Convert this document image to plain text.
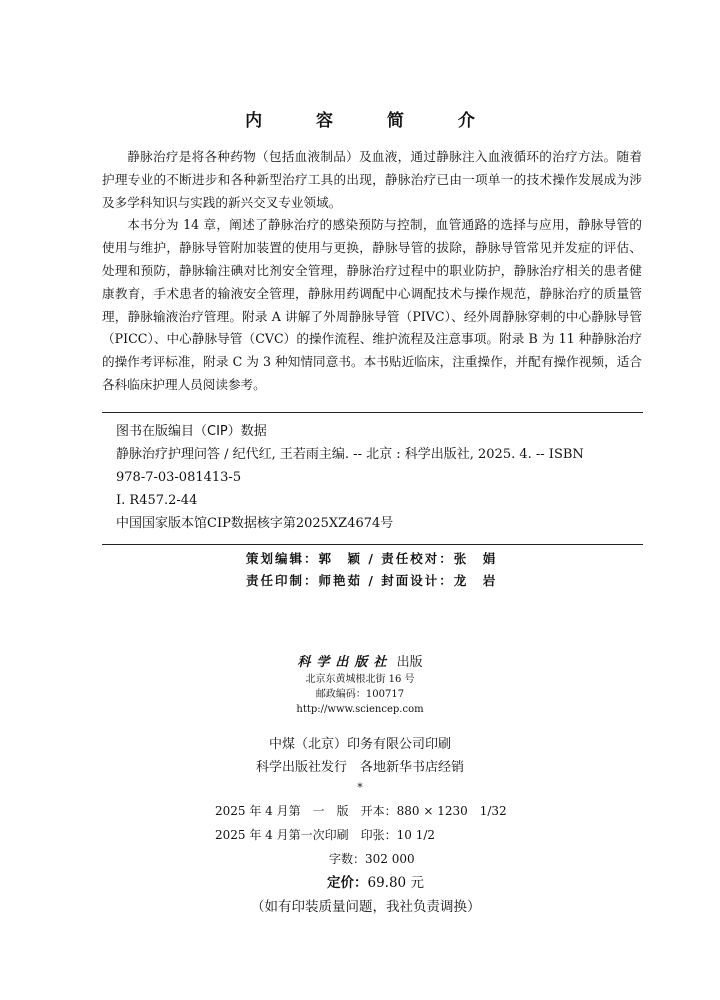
内 容 简 介

静脉治疗是将各种药物（包括血液制品）及血液，通过静脉注入血液循环的治疗方法。随着护理专业的不断进步和各种新型治疗工具的出现，静脉治疗已由一项单一的技术操作发展成为涉及多学科知识与实践的新兴交叉专业领域。

本书分为 14 章，阐述了静脉治疗的感染预防与控制，血管通路的选择与应用，静脉导管的使用与维护，静脉导管附加装置的使用与更换，静脉导管的拔除，静脉导管常见并发症的评估、处理和预防，静脉输注碘对比剂安全管理，静脉治疗过程中的职业防护，静脉治疗相关的患者健康教育，手术患者的输液安全管理，静脉用药调配中心调配技术与操作规范，静脉治疗的质量管理，静脉输液治疗管理。附录 A 讲解了外周静脉导管（PIVC）、经外周静脉穿刺的中心静脉导管（PICC）、中心静脉导管（CVC）的操作流程、维护流程及注意事项。附录 B 为 11 种静脉治疗的操作考评标准，附录 C 为 3 种知情同意书。本书贴近临床，注重操作，并配有操作视频，适合各科临床护理人员阅读参考。

图书在版编目（CIP）数据
静脉治疗护理问答 / 纪代红, 王若雨主编. -- 北京 : 科学出版社, 2025. 4. -- ISBN
978-7-03-081413-5
Ⅰ. R457.2-44
中国国家版本馆CIP数据核字第2025XZ4674号
策划编辑：郭　颖 / 责任校对：张　娟
责任印制：师艳茹 / 封面设计：龙　岩
科学出版社 出版
北京东黄城根北街 16 号
邮政编码：100717
http://www.sciencep.com
中煤（北京）印务有限公司印刷
科学出版社发行　各地新华书店经销
*
2025 年 4 月第　一　版　开本：880 × 1230　1/32
2025 年 4 月第一次印刷　印张：10 1/2
字数：302 000
定价：69.80 元
（如有印装质量问题，我社负责调换）
